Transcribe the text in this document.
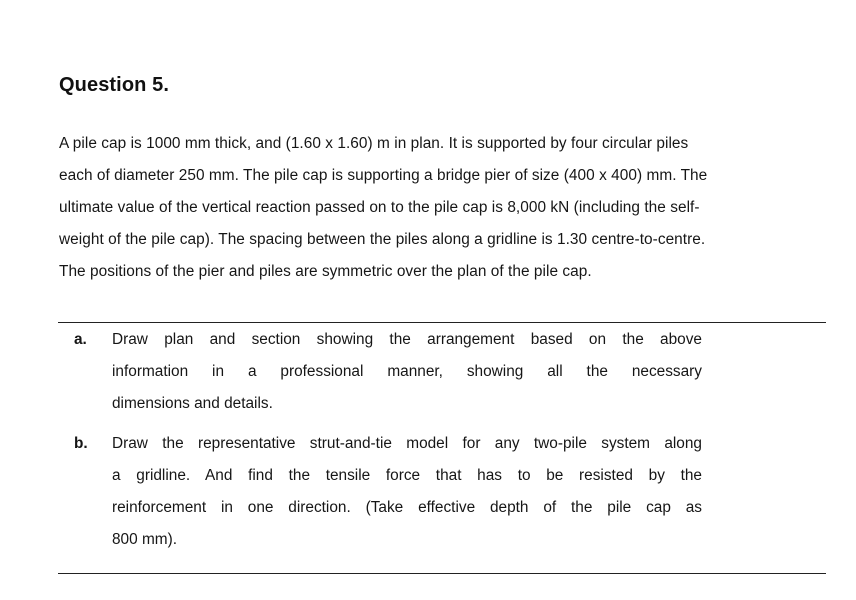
Question 5.
A pile cap is 1000 mm thick, and (1.60 x 1.60) m in plan. It is supported by four circular piles
each of diameter 250 mm. The pile cap is supporting a bridge pier of size (400 x 400) mm. The
ultimate value of the vertical reaction passed on to the pile cap is 8,000 kN (including the self-
weight of the pile cap). The spacing between the piles along a gridline is 1.30 centre-to-centre.
The positions of the pier and piles are symmetric over the plan of the pile cap.
a. Draw plan and section showing the arrangement based on the above
information in a professional manner, showing all the necessary
dimensions and details.
b. Draw the representative strut-and-tie model for any two-pile system along
a gridline. And find the tensile force that has to be resisted by the
reinforcement in one direction. (Take effective depth of the pile cap as
800 mm).
